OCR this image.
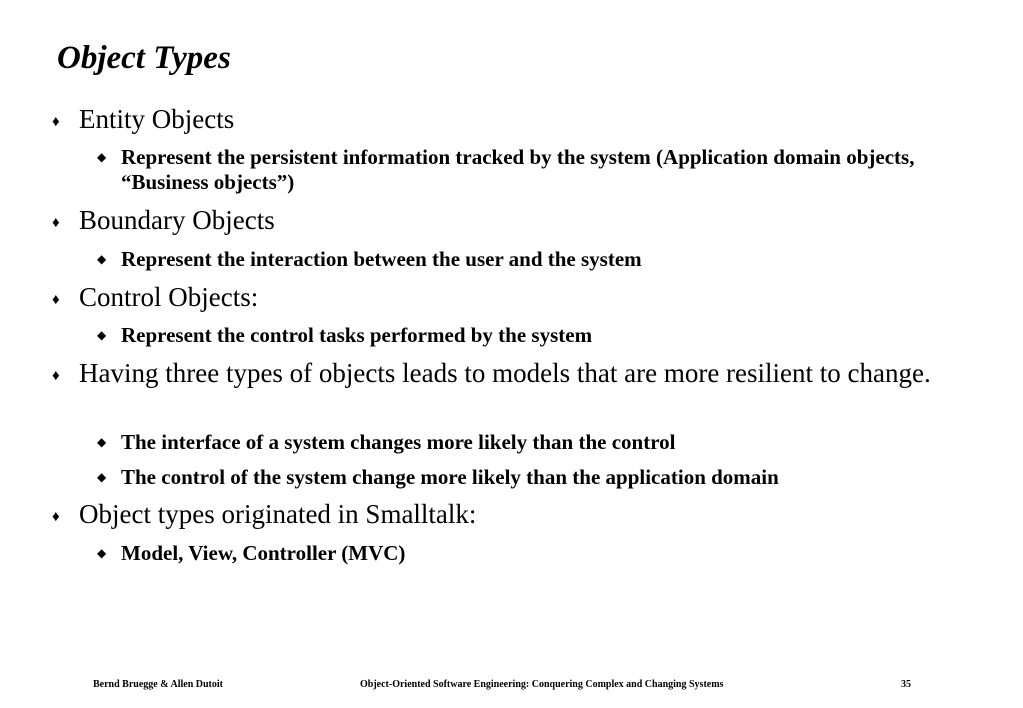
Object Types
♦ Entity Objects
◆ Represent the persistent information tracked by the system (Application domain objects, “Business objects”)
♦ Boundary Objects
◆ Represent the interaction between the user and the system
♦ Control Objects:
◆ Represent the control tasks performed by the system
♦ Having three types of objects leads to models that are more resilient to change.
◆ The interface of a system changes more likely than the control
◆ The control of the system change more likely than the application domain
♦ Object types originated in Smalltalk:
◆ Model, View, Controller (MVC)
Bernd Bruegge & Allen Dutoit	Object-Oriented Software Engineering: Conquering Complex and Changing Systems	35
